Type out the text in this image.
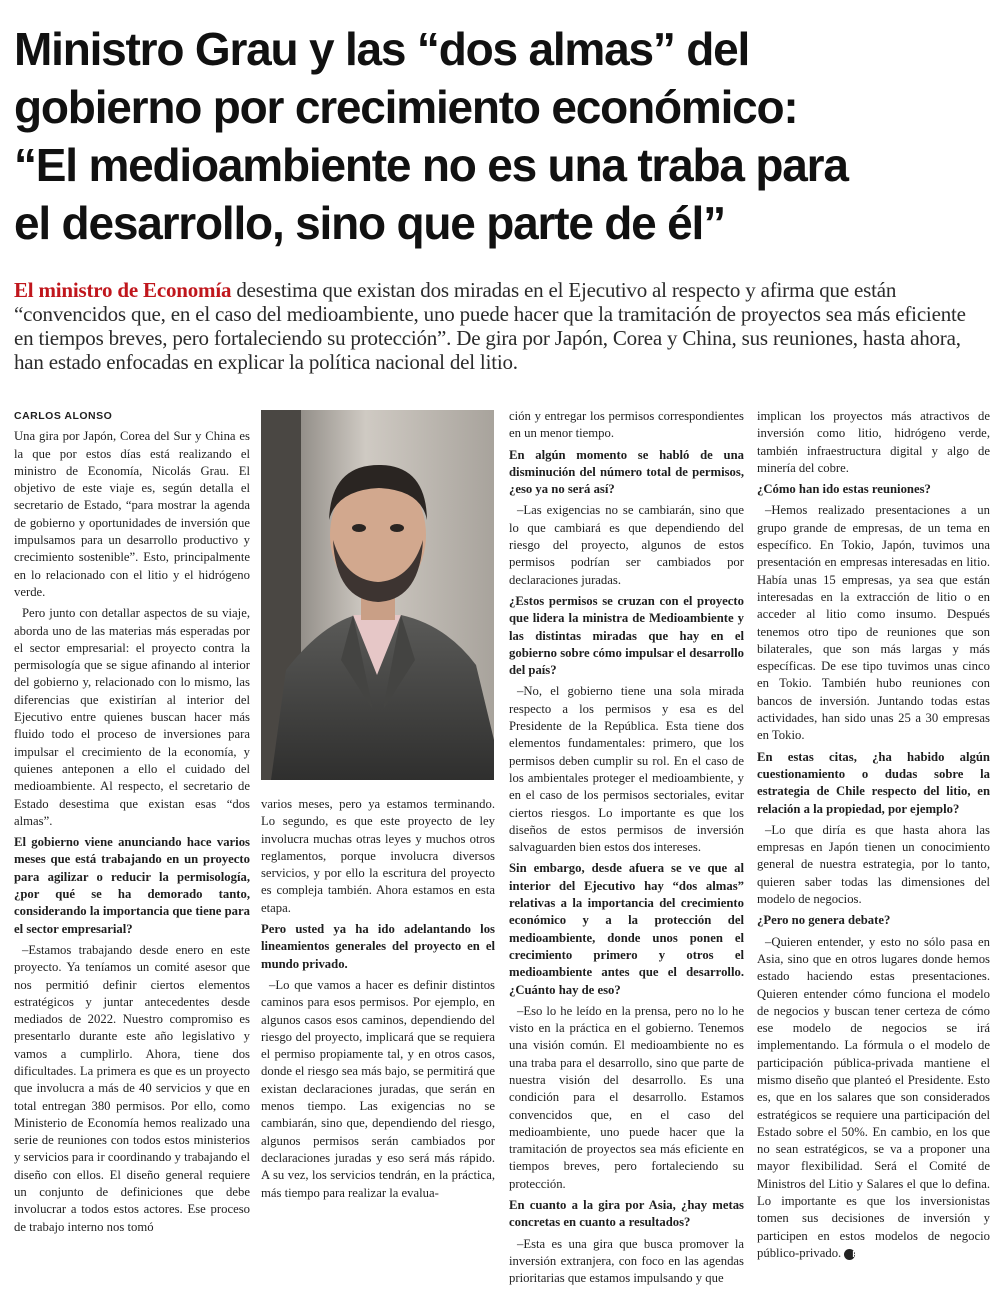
Ministro Grau y las “dos almas” del
gobierno por crecimiento económico:
“El medioambiente no es una traba para
el desarrollo, sino que parte de él”

El ministro de Economía desestima que existan dos miradas en el Ejecutivo al respecto y afirma que están “convencidos que, en el caso del medioambiente, uno puede hacer que la tramitación de proyectos sea más eficiente en tiempos breves, pero fortaleciendo su protección”. De gira por Japón, Corea y China, sus reuniones, hasta ahora, han estado enfocadas en explicar la política nacional del litio.

CARLOS ALONSO

Una gira por Japón, Corea del Sur y China es la que por estos días está realizando el ministro de Economía, Nicolás Grau. El objetivo de este viaje es, según detalla el secretario de Estado, “para mostrar la agenda de gobierno y oportunidades de inversión que impulsamos para un desarrollo productivo y crecimiento sostenible”. Esto, principalmente en lo relacionado con el litio y el hidrógeno verde.

Pero junto con detallar aspectos de su viaje, aborda uno de las materias más esperadas por el sector empresarial: el proyecto contra la permisología que se sigue afinando al interior del gobierno y, relacionado con lo mismo, las diferencias que existirían al interior del Ejecutivo entre quienes buscan hacer más fluido todo el proceso de inversiones para impulsar el crecimiento de la economía, y quienes anteponen a ello el cuidado del medioambiente. Al respecto, el secretario de Estado desestima que existan esas “dos almas”.

El gobierno viene anunciando hace varios meses que está trabajando en un proyecto para agilizar o reducir la permisología, ¿por qué se ha demorado tanto, considerando la importancia que tiene para el sector empresarial?

–Estamos trabajando desde enero en este proyecto. Ya teníamos un comité asesor que nos permitió definir ciertos elementos estratégicos y juntar antecedentes desde mediados de 2022. Nuestro compromiso es presentarlo durante este año legislativo y vamos a cumplirlo. Ahora, tiene dos dificultades. La primera es que es un proyecto que involucra a más de 40 servicios y que en total entregan 380 permisos. Por ello, como Ministerio de Economía hemos realizado una serie de reuniones con todos estos ministerios y servicios para ir coordinando y trabajando el diseño con ellos. El diseño general requiere un conjunto de definiciones que debe involucrar a todos estos actores. Ese proceso de trabajo interno nos tomó

varios meses, pero ya estamos terminando. Lo segundo, es que este proyecto de ley involucra muchas otras leyes y muchos otros reglamentos, porque involucra diversos servicios, y por ello la escritura del proyecto es compleja también. Ahora estamos en esta etapa.

Pero usted ya ha ido adelantando los lineamientos generales del proyecto en el mundo privado.

–Lo que vamos a hacer es definir distintos caminos para esos permisos. Por ejemplo, en algunos casos esos caminos, dependiendo del riesgo del proyecto, implicará que se requiera el permiso propiamente tal, y en otros casos, donde el riesgo sea más bajo, se permitirá que existan declaraciones juradas, que serán en menos tiempo. Las exigencias no se cambiarán, sino que, dependiendo del riesgo, algunos permisos serán cambiados por declaraciones juradas y eso será más rápido. A su vez, los servicios tendrán, en la práctica, más tiempo para realizar la evalua-

ción y entregar los permisos correspondientes en un menor tiempo.

En algún momento se habló de una disminución del número total de permisos, ¿eso ya no será así?

–Las exigencias no se cambiarán, sino que lo que cambiará es que dependiendo del riesgo del proyecto, algunos de estos permisos podrían ser cambiados por declaraciones juradas.

¿Estos permisos se cruzan con el proyecto que lidera la ministra de Medioambiente y las distintas miradas que hay en el gobierno sobre cómo impulsar el desarrollo del país?

–No, el gobierno tiene una sola mirada respecto a los permisos y esa es del Presidente de la República. Esta tiene dos elementos fundamentales: primero, que los permisos deben cumplir su rol. En el caso de los ambientales proteger el medioambiente, y en el caso de los permisos sectoriales, evitar ciertos riesgos. Lo importante es que los diseños de estos permisos de inversión salvaguarden bien estos dos intereses.

Sin embargo, desde afuera se ve que al interior del Ejecutivo hay “dos almas” relativas a la importancia del crecimiento económico y a la protección del medioambiente, donde unos ponen el crecimiento primero y otros el medioambiente antes que el desarrollo. ¿Cuánto hay de eso?

–Eso lo he leído en la prensa, pero no lo he visto en la práctica en el gobierno. Tenemos una visión común. El medioambiente no es una traba para el desarrollo, sino que parte de nuestra visión del desarrollo. Es una condición para el desarrollo. Estamos convencidos que, en el caso del medioambiente, uno puede hacer que la tramitación de proyectos sea más eficiente en tiempos breves, pero fortaleciendo su protección.

En cuanto a la gira por Asia, ¿hay metas concretas en cuanto a resultados?

–Esta es una gira que busca promover la inversión extranjera, con foco en las agendas prioritarias que estamos impulsando y que

implican los proyectos más atractivos de inversión como litio, hidrógeno verde, también infraestructura digital y algo de minería del cobre.

¿Cómo han ido estas reuniones?

–Hemos realizado presentaciones a un grupo grande de empresas, de un tema en específico. En Tokio, Japón, tuvimos una presentación en empresas interesadas en litio. Había unas 15 empresas, ya sea que están interesadas en la extracción de litio o en acceder al litio como insumo. Después tenemos otro tipo de reuniones que son bilaterales, que son más largas y más específicas. De ese tipo tuvimos unas cinco en Tokio. También hubo reuniones con bancos de inversión. Juntando todas estas actividades, han sido unas 25 a 30 empresas en Tokio.

En estas citas, ¿ha habido algún cuestionamiento o dudas sobre la estrategia de Chile respecto del litio, en relación a la propiedad, por ejemplo?

–Lo que diría es que hasta ahora las empresas en Japón tienen un conocimiento general de nuestra estrategia, por lo tanto, quieren saber todas las dimensiones del modelo de negocios.

¿Pero no genera debate?

–Quieren entender, y esto no sólo pasa en Asia, sino que en otros lugares donde hemos estado haciendo estas presentaciones. Quieren entender cómo funciona el modelo de negocios y buscan tener certeza de cómo ese modelo de negocios se irá implementando. La fórmula o el modelo de participación pública-privada mantiene el mismo diseño que planteó el Presidente. Esto es, que en los salares que son considerados estratégicos se requiere una participación del Estado sobre el 50%. En cambio, en los que no sean estratégicos, se va a proponer una mayor flexibilidad. Será el Comité de Ministros del Litio y Salares el que lo defina. Lo importante es que los inversionistas tomen sus decisiones de inversión y participen en estos modelos de negocio público-privado. P
